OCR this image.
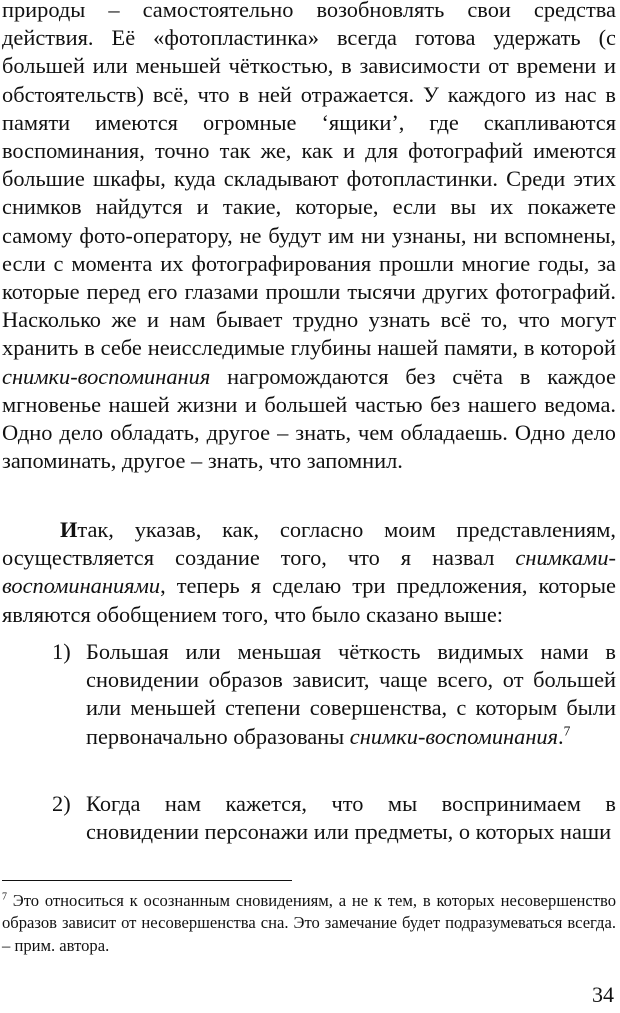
природы – самостоятельно возобновлять свои средства действия. Её «фотопластинка» всегда готова удержать (с большей или меньшей чёткостью, в зависимости от времени и обстоятельств) всё, что в ней отражается. У каждого из нас в памяти имеются огромные ‘ящики’, где скапливаются воспоминания, точно так же, как и для фотографий имеются большие шкафы, куда складывают фотопластинки. Среди этих снимков найдутся и такие, которые, если вы их покажете самому фото-оператору, не будут им ни узнаны, ни вспомнены, если с момента их фотографирования прошли многие годы, за которые перед его глазами прошли тысячи других фотографий. Насколько же и нам бывает трудно узнать всё то, что могут хранить в себе неисследимые глубины нашей памяти, в которой снимки-воспоминания нагромождаются без счёта в каждое мгновенье нашей жизни и большей частью без нашего ведома. Одно дело обладать, другое – знать, чем обладаешь. Одно дело запоминать, другое – знать, что запомнил.

Итак, указав, как, согласно моим представлениям, осуществляется создание того, что я назвал снимками-воспоминаниями, теперь я сделаю три предложения, которые являются обобщением того, что было сказано выше:

1) Большая или меньшая чёткость видимых нами в сновидении образов зависит, чаще всего, от большей или меньшей степени совершенства, с которым были первоначально образованы снимки-воспоминания.$^7$

2) Когда нам кажется, что мы воспринимаем в сновидении персонажи или предметы, о которых наши

$^7$ Это относиться к осознанным сновидениям, а не к тем, в которых несовершенство образов зависит от несовершенства сна. Это замечание будет подразумеваться всегда. – прим. автора.

34
